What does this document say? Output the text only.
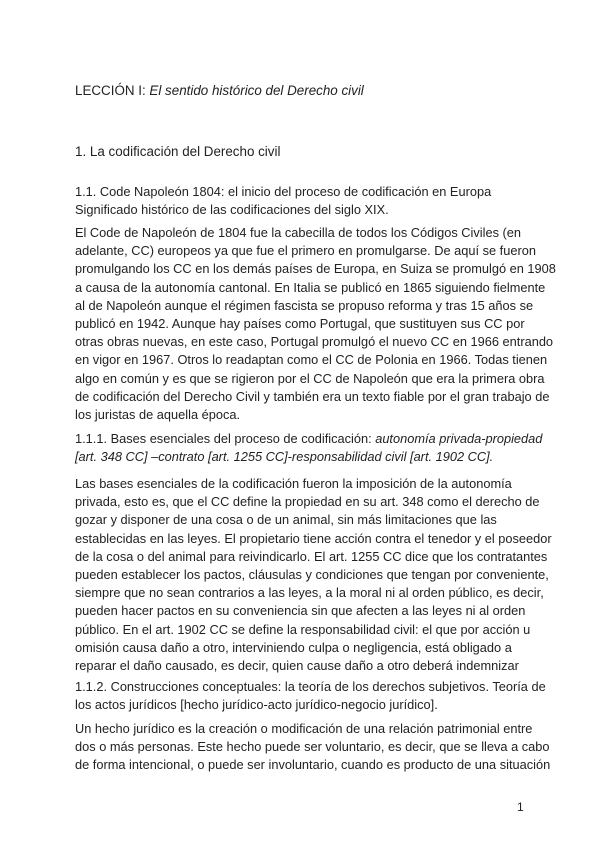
LECCIÓN I: El sentido histórico del Derecho civil
1. La codificación del Derecho civil
1.1. Code Napoleón 1804: el inicio del proceso de codificación en Europa
Significado histórico de las codificaciones del siglo XIX.
El Code de Napoleón de 1804 fue la cabecilla de todos los Códigos Civiles (en
adelante, CC) europeos ya que fue el primero en promulgarse. De aquí se fueron
promulgando los CC en los demás países de Europa, en Suiza se promulgó en 1908
a causa de la autonomía cantonal. En Italia se publicó en 1865 siguiendo fielmente
al de Napoleón aunque el régimen fascista se propuso reforma y tras 15 años se
publicó en 1942. Aunque hay países como Portugal, que sustituyen sus CC por
otras obras nuevas, en este caso, Portugal promulgó el nuevo CC en 1966 entrando
en vigor en 1967. Otros lo readaptan como el CC de Polonia en 1966. Todas tienen
algo en común y es que se rigieron por el CC de Napoleón que era la primera obra
de codificación del Derecho Civil y también era un texto fiable por el gran trabajo de
los juristas de aquella época.
1.1.1. Bases esenciales del proceso de codificación: autonomía privada-propiedad
[art. 348 CC] –contrato [art. 1255 CC]-responsabilidad civil [art. 1902 CC].
Las bases esenciales de la codificación fueron la imposición de la autonomía
privada, esto es, que el CC define la propiedad en su art. 348 como el derecho de
gozar y disponer de una cosa o de un animal, sin más limitaciones que las
establecidas en las leyes. El propietario tiene acción contra el tenedor y el poseedor
de la cosa o del animal para reivindicarlo. El art. 1255 CC dice que los contratantes
pueden establecer los pactos, cláusulas y condiciones que tengan por conveniente,
siempre que no sean contrarios a las leyes, a la moral ni al orden público, es decir,
pueden hacer pactos en su conveniencia sin que afecten a las leyes ni al orden
público. En el art. 1902 CC se define la responsabilidad civil: el que por acción u
omisión causa daño a otro, interviniendo culpa o negligencia, está obligado a
reparar el daño causado, es decir, quien cause daño a otro deberá indemnizar
1.1.2. Construcciones conceptuales: la teoría de los derechos subjetivos. Teoría de
los actos jurídicos [hecho jurídico-acto jurídico-negocio jurídico].
Un hecho jurídico es la creación o modificación de una relación patrimonial entre
dos o más personas. Este hecho puede ser voluntario, es decir, que se lleva a cabo
de forma intencional, o puede ser involuntario, cuando es producto de una situación
1
